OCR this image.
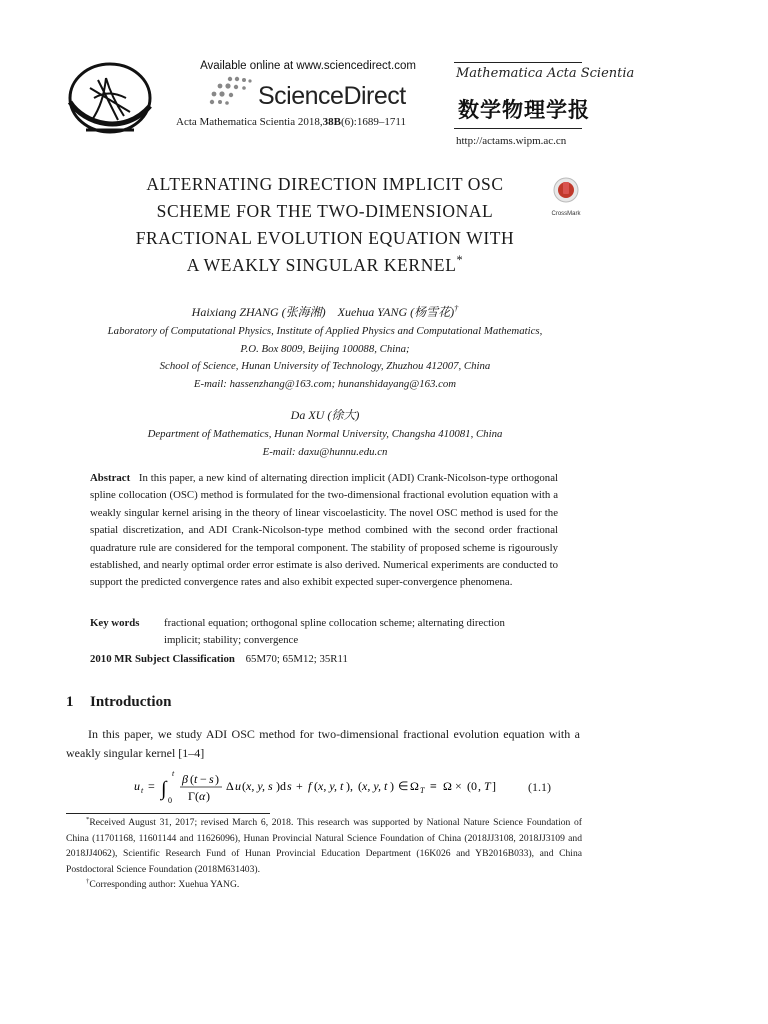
Available online at www.sciencedirect.com
ScienceDirect
Acta Mathematica Scientia 2018,38B(6):1689–1711
Mathematica Acta Scientia
数学物理学报
http://actams.wipm.ac.cn

ALTERNATING DIRECTION IMPLICIT OSC

SCHEME FOR THE TWO-DIMENSIONAL

FRACTIONAL EVOLUTION EQUATION WITH

A WEAKLY SINGULAR KERNEL*

CrossMark
Haixiang ZHANG (张海湘)    Xuehua YANG (杨雪花)†
Laboratory of Computational Physics, Institute of Applied Physics and Computational Mathematics,
P.O. Box 8009, Beijing 100088, China;
School of Science, Hunan University of Technology, Zhuzhou 412007, China
E-mail: hassenzhang@163.com; hunanshidayang@163.com
Da XU (徐大)
Department of Mathematics, Hunan Normal University, Changsha 410081, China
E-mail: daxu@hunnu.edu.cn
Abstract In this paper, a new kind of alternating direction implicit (ADI) Crank-Nicolson-type orthogonal spline collocation (OSC) method is formulated for the two-dimensional fractional evolution equation with a weakly singular kernel arising in the theory of linear viscoelasticity. The novel OSC method is used for the spatial discretization, and ADI Crank-Nicolson-type method combined with the second order fractional quadrature rule are considered for the temporal component. The stability of proposed scheme is rigourously established, and nearly optimal order error estimate is also derived. Numerical experiments are conducted to support the predicted convergence rates and also exhibit expected super-convergence phenomena.
Key words	fractional equation; orthogonal spline collocation scheme; alternating direction
implicit; stability; convergence
2010 MR Subject Classification 65M70; 65M12; 35R11
1 Introduction
In this paper, we study ADI OSC method for two-dimensional fractional evolution equation with a weakly singular kernel [1–4]
u t = ∫
t
0
β ( t − s )
Γ( α )
Δ u ( x, y, s )d s + f ( x, y, t ), ( x, y, t ) ∈ Ω T ≡ Ω × (0 , T ]	(1.1)

*Received August 31, 2017; revised March 6, 2018. This research was supported by National Nature Science Foundation of China (11701168, 11601144 and 11626096), Hunan Provincial Natural Science Foundation of China (2018JJ3108, 2018JJ3109 and 2018JJ4062), Scientific Research Fund of Hunan Provincial Education Department (16K026 and YB2016B033), and China Postdoctoral Science Foundation (2018M631403).

†Corresponding author: Xuehua YANG.
